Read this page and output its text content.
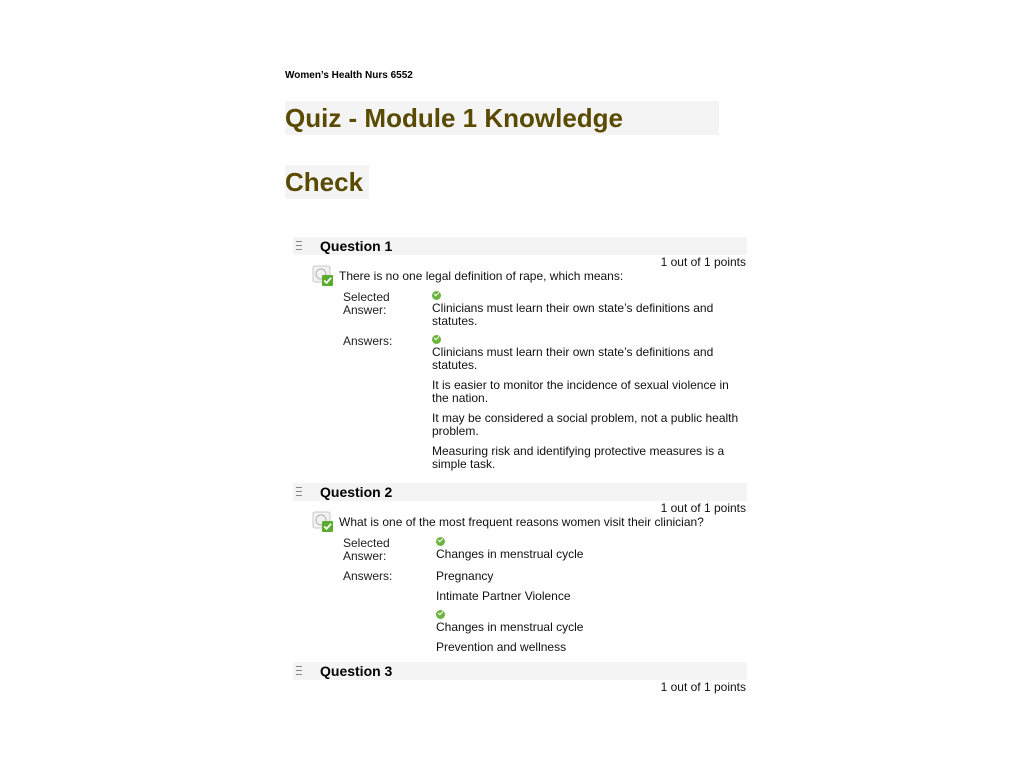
Women’s Health Nurs 6552
Quiz - Module 1 Knowledge
Check
Question 1
1 out of 1 points
There is no one legal definition of rape, which means:
Selected
Answer:	Clinicians must learn their own state’s definitions and statutes.
Answers:
Clinicians must learn their own state’s definitions and statutes.
It is easier to monitor the incidence of sexual violence in the nation.
It may be considered a social problem, not a public health problem.
Measuring risk and identifying protective measures is a simple task.
Question 2
1 out of 1 points
What is one of the most frequent reasons women visit their clinician?
Selected
Answer:	Changes in menstrual cycle
Answers:	Pregnancy
Intimate Partner Violence
Changes in menstrual cycle
Prevention and wellness
Question 3
1 out of 1 points
